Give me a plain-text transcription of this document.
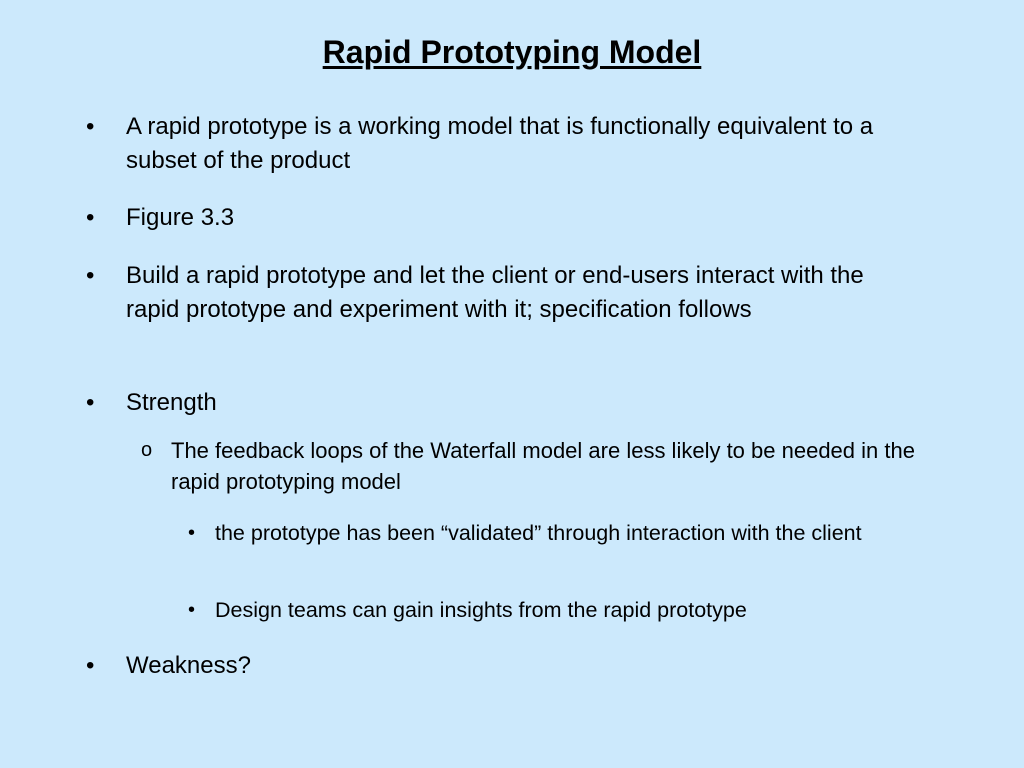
Rapid Prototyping Model
•	A rapid prototype is a working model that is functionally equivalent to a subset of the product
•	Figure 3.3
•	Build a rapid prototype and let the client or end-users interact with the rapid prototype and experiment with it; specification follows
•	Strength
o The feedback loops of the Waterfall model are less likely to be needed in the rapid prototyping model
• the prototype has been “validated” through interaction with the client
• Design teams can gain insights from the rapid prototype
•	Weakness?
